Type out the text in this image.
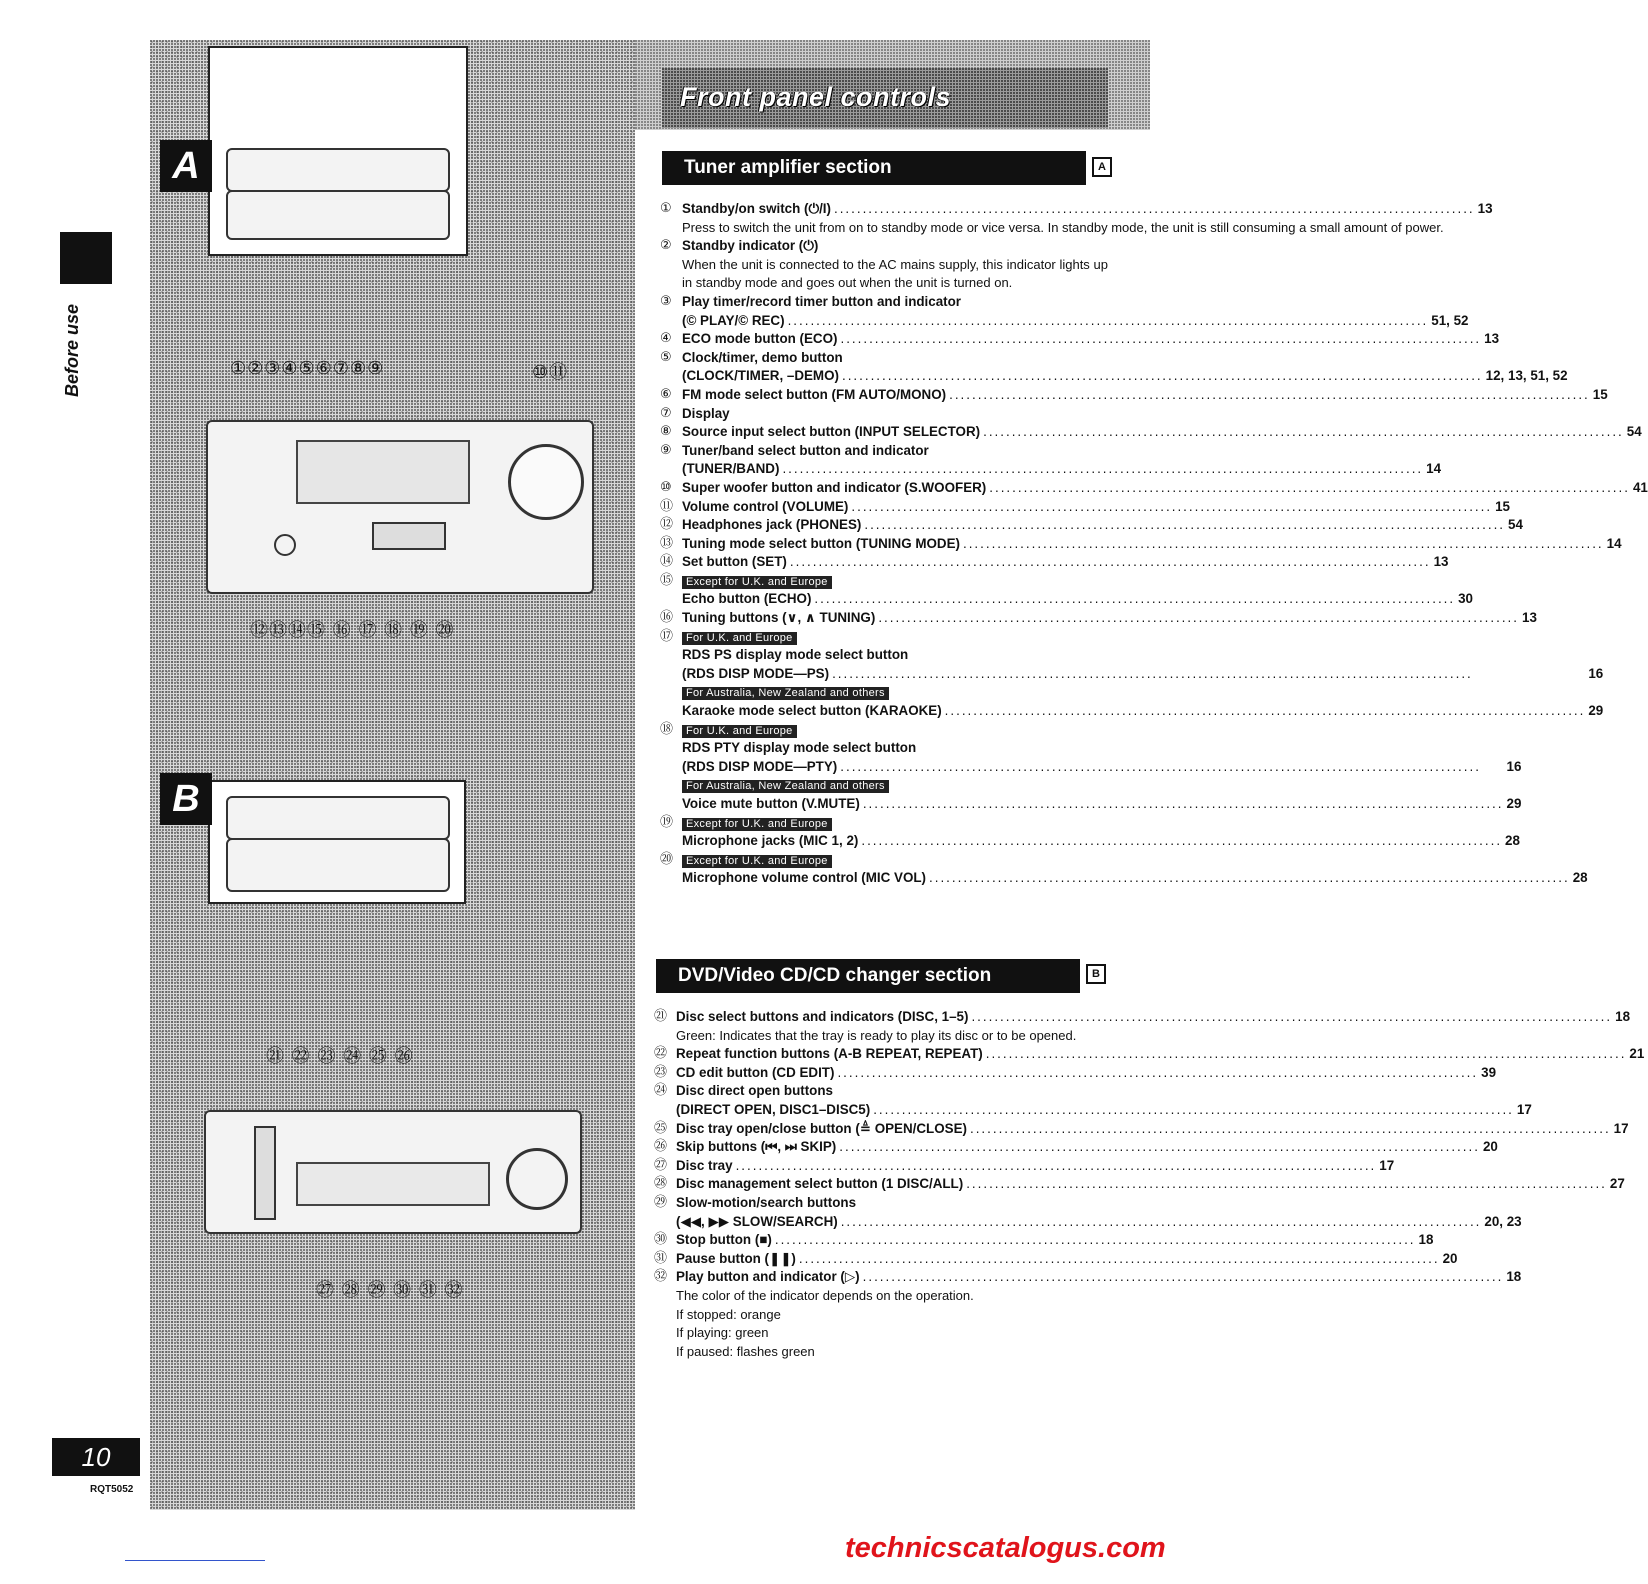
Front panel controls
Before use
A
①②③④⑤⑥⑦⑧⑨	⑩⑪
⑫⑬⑭⑮ ⑯ ⑰ ⑱ ⑲ ⑳
B
㉑ ㉒ ㉓ ㉔ ㉕ ㉖
㉗ ㉘ ㉙ ㉚ ㉛ ㉜
Tuner amplifier section	A
① Standby/on switch (⏻/I) .....	13
Press to switch the unit from on to standby mode or vice versa. In standby mode, the unit is still consuming a small amount of power.
② Standby indicator (⏻)
When the unit is connected to the AC mains supply, this indicator lights up in standby mode and goes out when the unit is turned on.
③ Play timer/record timer button and indicator
(© PLAY/© REC) .....	51, 52
④ ECO mode button (ECO) .....	13
⑤ Clock/timer, demo button
(CLOCK/TIMER, –DEMO) .....	12, 13, 51, 52
⑥ FM mode select button (FM AUTO/MONO) .....	15
⑦ Display
⑧ Source input select button (INPUT SELECTOR) .....	54
⑨ Tuner/band select button and indicator
(TUNER/BAND) .....	14
⑩ Super woofer button and indicator (S.WOOFER) .....	41
⑪ Volume control (VOLUME) .....	15
⑫ Headphones jack (PHONES) .....	54
⑬ Tuning mode select button (TUNING MODE) .....	14
⑭ Set button (SET) .....	13
⑮	Except for U.K. and Europe
Echo button (ECHO) .....	30
⑯ Tuning buttons (∨, ∧ TUNING) .....	13
⑰	For U.K. and Europe
RDS PS display mode select button
(RDS DISP MODE—PS) .....	16
For Australia, New Zealand and others
Karaoke mode select button (KARAOKE) .....	29
⑱	For U.K. and Europe
RDS PTY display mode select button
(RDS DISP MODE—PTY) .....	16
For Australia, New Zealand and others
Voice mute button (V.MUTE) .....	29
⑲	Except for U.K. and Europe
Microphone jacks (MIC 1, 2) .....	28
⑳	Except for U.K. and Europe
Microphone volume control (MIC VOL) .....	28
DVD/Video CD/CD changer section	B
㉑ Disc select buttons and indicators (DISC, 1–5) .....	18
Green: Indicates that the tray is ready to play its disc or to be opened.
㉒ Repeat function buttons (A-B REPEAT, REPEAT) .....	21
㉓ CD edit button (CD EDIT) .....	39
㉔ Disc direct open buttons
(DIRECT OPEN, DISC1–DISC5) .....	17
㉕ Disc tray open/close button (≜ OPEN/CLOSE) .....	17
㉖ Skip buttons (⏮, ⏭ SKIP) .....	20
㉗ Disc tray .....	17
㉘ Disc management select button (1 DISC/ALL) .....	27
㉙ Slow-motion/search buttons
(◀◀, ▶▶ SLOW/SEARCH) .....	20, 23
㉚ Stop button (■) .....	18
㉛ Pause button (❚❚) .....	20
㉜ Play button and indicator (▷) .....	18
The color of the indicator depends on the operation.
If stopped: orange
If playing: green
If paused: flashes green
10
RQT5052
technicscatalogus.com
